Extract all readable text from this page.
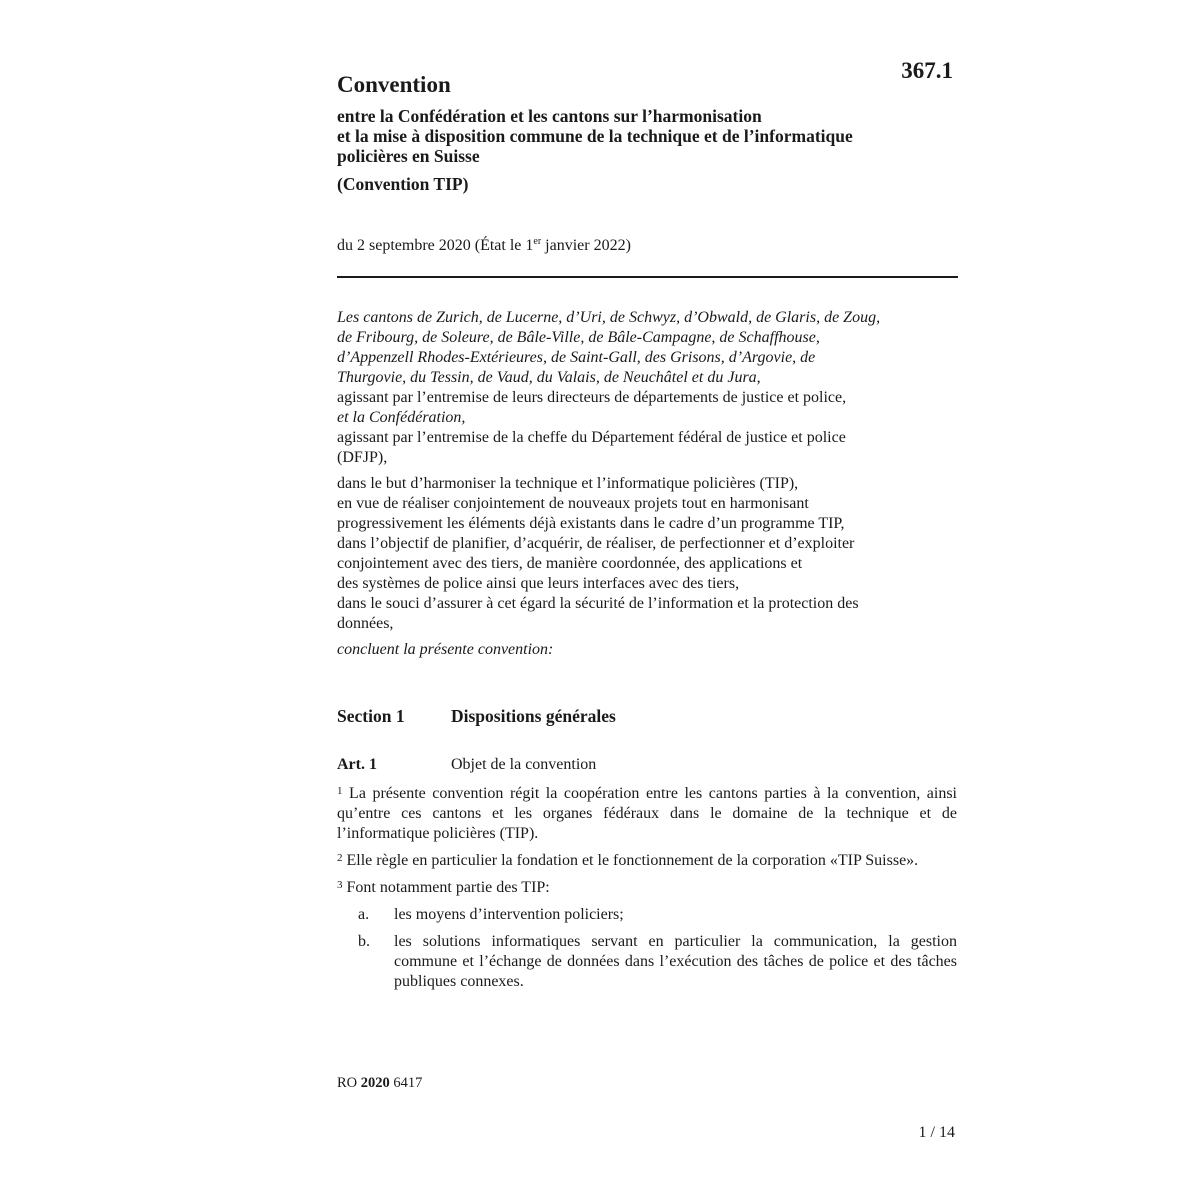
367.1
Convention
entre la Confédération et les cantons sur l’harmonisation
et la mise à disposition commune de la technique et de l’informatique
policières en Suisse
(Convention TIP)
du 2 septembre 2020 (État le 1er janvier 2022)

Les cantons de Zurich, de Lucerne, d’Uri, de Schwyz, d’Obwald, de Glaris, de Zoug,

de Fribourg, de Soleure, de Bâle-Ville, de Bâle-Campagne, de Schaffhouse,

d’Appenzell Rhodes-Extérieures, de Saint-Gall, des Grisons, d’Argovie, de

Thurgovie, du Tessin, de Vaud, du Valais, de Neuchâtel et du Jura,

agissant par l’entremise de leurs directeurs de départements de justice et police,

et la Confédération,

agissant par l’entremise de la cheffe du Département fédéral de justice et police

(DFJP),

dans le but d’harmoniser la technique et l’informatique policières (TIP),

en vue de réaliser conjointement de nouveaux projets tout en harmonisant

progressivement les éléments déjà existants dans le cadre d’un programme TIP,

dans l’objectif de planifier, d’acquérir, de réaliser, de perfectionner et d’exploiter

conjointement avec des tiers, de manière coordonnée, des applications et

des systèmes de police ainsi que leurs interfaces avec des tiers,

dans le souci d’assurer à cet égard la sécurité de l’information et la protection des

données,

concluent la présente convention:

Section 1	Dispositions générales
Art. 1	Objet de la convention

$^1$ La présente convention régit la coopération entre les cantons parties à la convention, ainsi qu’entre ces cantons et les organes fédéraux dans le domaine de la technique et de l’informatique policières (TIP).

$^2$ Elle règle en particulier la fondation et le fonctionnement de la corporation «TIP Suisse».

$^3$ Font notamment partie des TIP:

a.	les moyens d’intervention policiers;
b.	les solutions informatiques servant en particulier la communication, la gestion commune et l’échange de données dans l’exécution des tâches de police et des tâches publiques connexes.
RO 2020 6417
1 / 14
